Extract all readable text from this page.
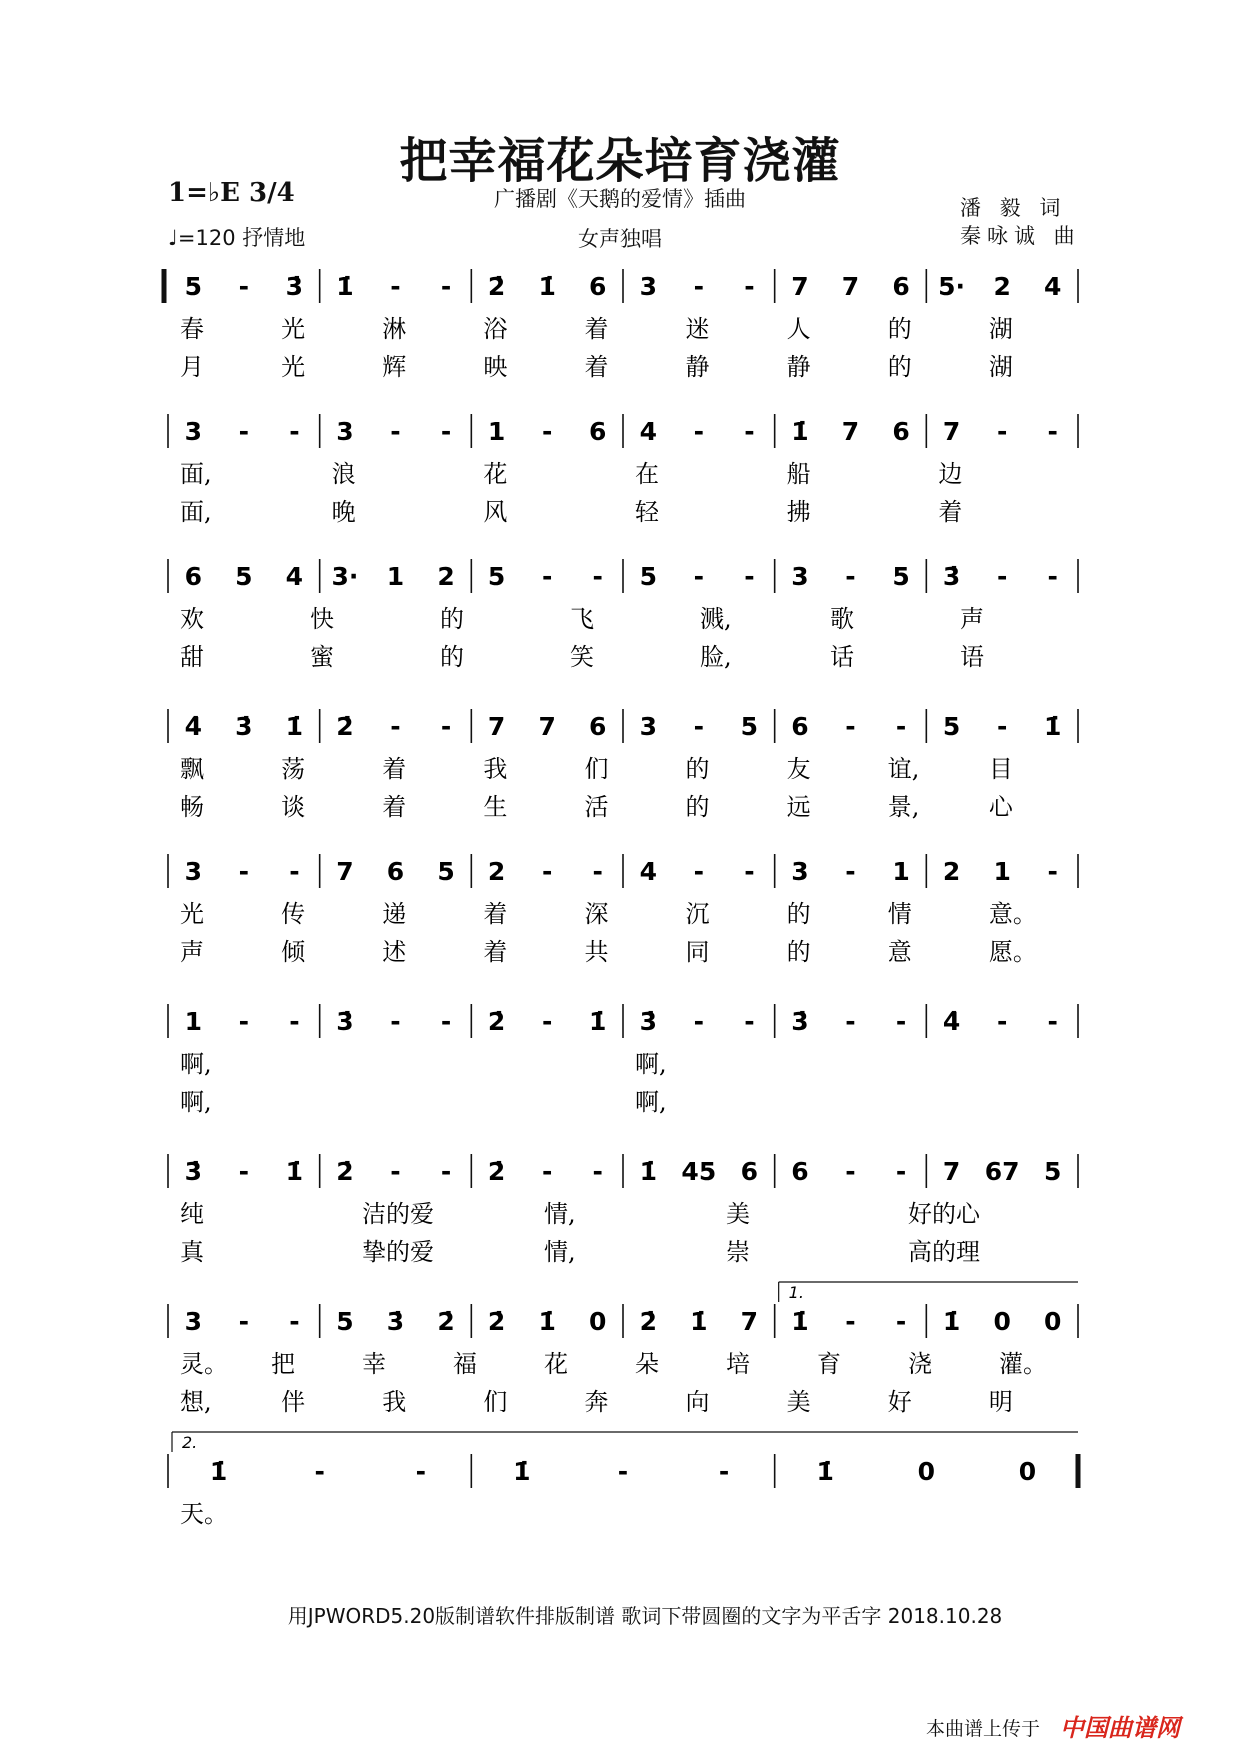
把幸福花朵培育浇灌
广播剧《天鹅的爱情》插曲
女声独唱
1=♭E 3/4
♩=120 抒情地
潘 毅 词
秦咏诚 曲
5 - 3̇ 1̇ - - 2̇ 1̇ 6 3 - - 7 7 6 5· 2 4
春	光	淋	浴	着	迷	人	的	湖
月	光	辉	映	着	静	静	的	湖
3 - - 3 - - 1 - 6 4 - - 1̇ 7 6 7 - -
面,	浪	花	在	船	边
面,	晚	风	轻	拂	着
6 5 4 3· 1 2 5 - - 5 - - 3 - 5 3̇ - -
欢	快	的	飞	溅,	歌	声
甜	蜜	的	笑	脸,	话	语
4̇ 3̇ 1̇ 2̇ - - 7 7 6 3 - 5 6 - - 5 - 1̇
飘	荡	着	我	们	的	友	谊,	目
畅	谈	着	生	活	的	远	景,	心
3 - - 7 6 5 2 - - 4 - - 3 - 1 2 1 -
光	传	递	着	深	沉	的	情	意。
声	倾	述	着	共	同	的	意	愿。
1 - - 3̇ - - 2̇ - 1̇ 3̇ - - 3̇ - - 4̇ - -
啊,	啊,
啊,	啊,
3̇ - 1̇ 2̇ - - 2̇ - - 1̇ 45 6 6 - - 7 67 5
纯	洁的爱	情,	美	好的心
真	挚的爱	情,	崇	高的理
3 - - 5 3̇ 2̇ 2̇ 1̇ 0 2̇ 1̇ 7 1̇ - - 1̇ 0 0
1.
灵。 把	幸	福	花	朵	培	育	浇	灌。
想,	伴	我	们	奔	向	美	好	明
1̇	-	-	1̇	-	-	1̇	0	0
2.
天。
用JPWORD5.20版制谱软件排版制谱 歌词下带圆圈的文字为平舌字 2018.10.28
本曲谱上传于 中国曲谱网
